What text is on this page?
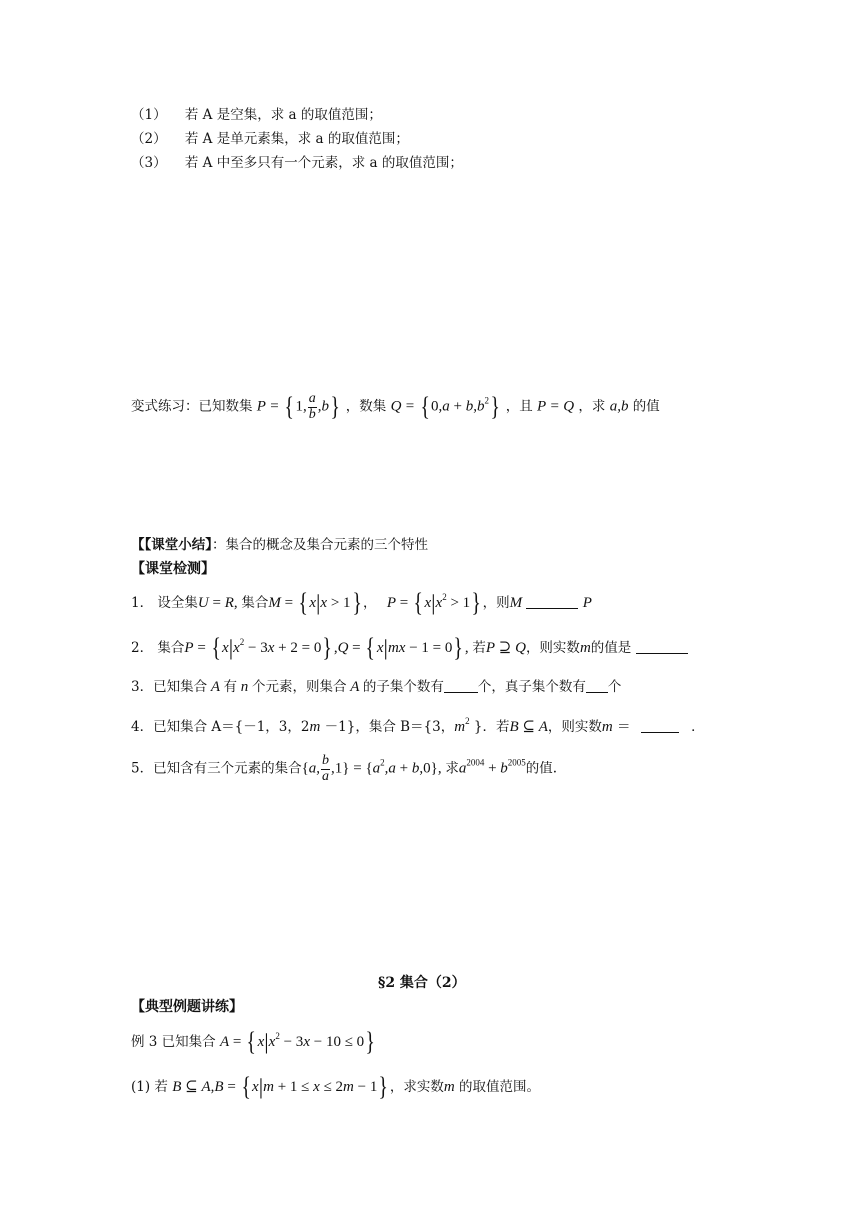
（1） 若 A 是空集，求 a 的取值范围；
（2） 若 A 是单元素集，求 a 的取值范围；
（3） 若 A 中至多只有一个元素，求 a 的取值范围；
变式练习：已知数集 P = { 1, $\frac{a}{b} ,b$} ，数集 Q = { $0,a + b,b^2$} ，且 P = Q ，求 a,b 的值
【【课堂小结】：集合的概念及集合元素的三个特性
【课堂检测】
1． 设全集U = R, 集合M = { x|x > 1} ， P = { $x|x^2 > 1$} ，则M	P
2． 集合P = { $x|x^2 - 3x + 2 = 0$} ,Q = { x|mx − 1 = 0} , 若P ⊇ Q，则实数m的值是
3．已知集合 A 有 n 个元素，则集合 A 的子集个数有	个，真子集个数有 个
4．已知集合 A＝{－1，3，2m －1}，集合 B＝{3，$m^2$ }．若B ⊆ A，则实数m ＝	．
5．已知含有三个元素的集合{a, $\frac{b}{a} ,1\} = \{a^2,a + b,0\}$, 求$a^{2004} + b^{2005}$的值.
§2 集合（2）
【典型例题讲练】
例 3 已知集合 A = { $x|x^2 - 3x - 10 \le 0$}
(1) 若 B ⊆ A,B = { x|m + 1 ≤ x ≤ 2m − 1} ，求实数m 的取值范围。
